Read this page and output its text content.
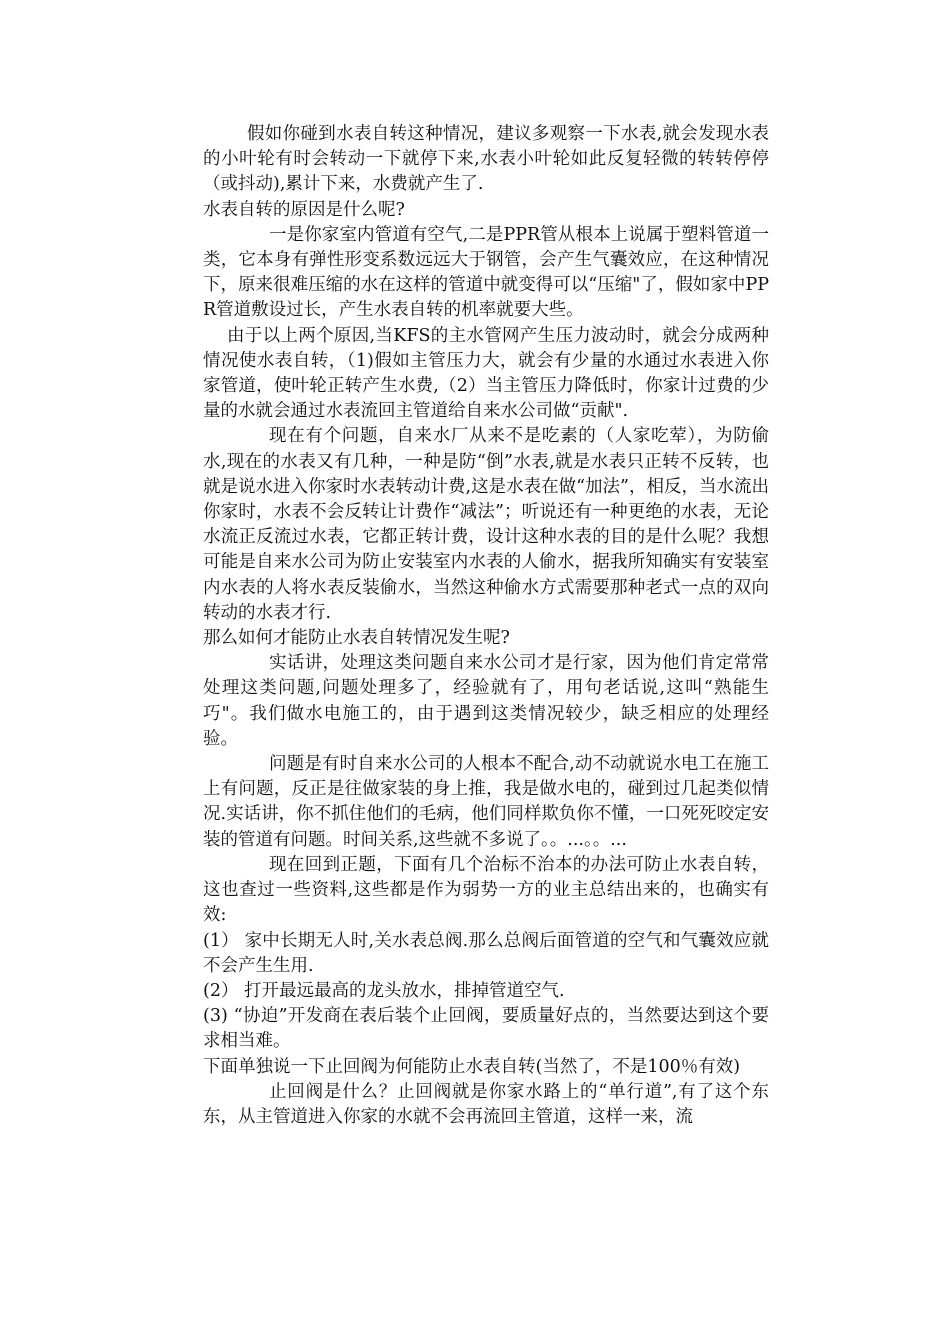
假如你碰到水表自转这种情况，建议多观察一下水表,就会发现水表的小叶轮有时会转动一下就停下来,水表小叶轮如此反复轻微的转转停停（或抖动),累计下来，水费就产生了.

水表自转的原因是什么呢?

一是你家室内管道有空气,二是PPR管从根本上说属于塑料管道一类，它本身有弹性形变系数远远大于钢管，会产生气囊效应，在这种情况下，原来很难压缩的水在这样的管道中就变得可以“压缩"了，假如家中PPR管道敷设过长，产生水表自转的机率就要大些。

由于以上两个原因,当KFS的主水管网产生压力波动时，就会分成两种情况使水表自转，（1)假如主管压力大，就会有少量的水通过水表进入你家管道，使叶轮正转产生水费,（2）当主管压力降低时，你家计过费的少量的水就会通过水表流回主管道给自来水公司做“贡献".

现在有个问题，自来水厂从来不是吃素的（人家吃荤），为防偷水,现在的水表又有几种，一种是防“倒”水表,就是水表只正转不反转，也就是说水进入你家时水表转动计费,这是水表在做“加法”，相反，当水流出你家时，水表不会反转让计费作“减法”；听说还有一种更绝的水表，无论水流正反流过水表，它都正转计费，设计这种水表的目的是什么呢？我想可能是自来水公司为防止安装室内水表的人偷水，据我所知确实有安装室内水表的人将水表反装偷水，当然这种偷水方式需要那种老式一点的双向转动的水表才行.

那么如何才能防止水表自转情况发生呢?

实话讲，处理这类问题自来水公司才是行家，因为他们肯定常常处理这类问题,问题处理多了，经验就有了，用句老话说,这叫“熟能生巧"。我们做水电施工的，由于遇到这类情况较少，缺乏相应的处理经验。

问题是有时自来水公司的人根本不配合,动不动就说水电工在施工上有问题，反正是往做家装的身上推，我是做水电的，碰到过几起类似情况.实话讲，你不抓住他们的毛病，他们同样欺负你不懂，一口死死咬定安装的管道有问题。时间关系,这些就不多说了。。...。。...

现在回到正题，下面有几个治标不治本的办法可防止水表自转，这也查过一些资料,这些都是作为弱势一方的业主总结出来的，也确实有效:

(1） 家中长期无人时,关水表总阀.那么总阀后面管道的空气和气囊效应就不会产生生用.

(2） 打开最远最高的龙头放水，排掉管道空气.

(3) “协迫”开发商在表后装个止回阀，要质量好点的，当然要达到这个要求相当难。

下面单独说一下止回阀为何能防止水表自转(当然了，不是100％有效)

止回阀是什么？止回阀就是你家水路上的“单行道”,有了这个东东，从主管道进入你家的水就不会再流回主管道，这样一来，流
